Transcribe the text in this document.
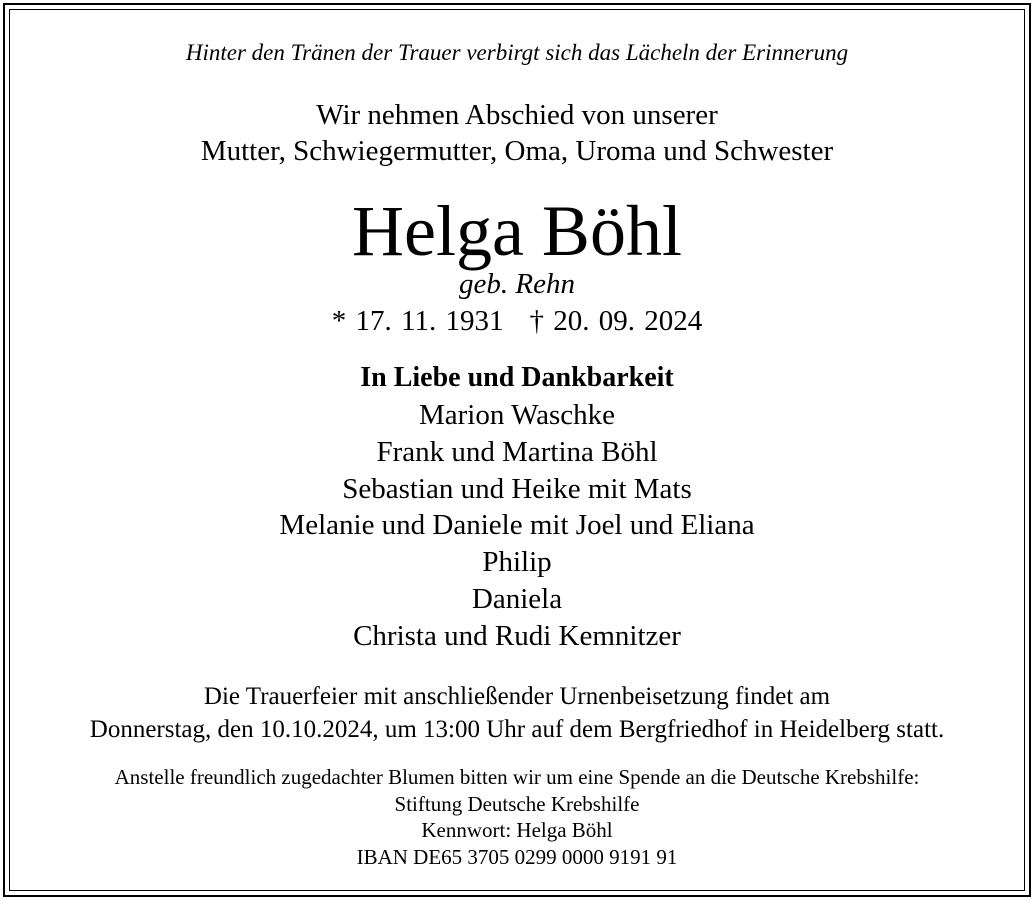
Hinter den Tränen der Trauer verbirgt sich das Lächeln der Erinnerung
Wir nehmen Abschied von unserer
Mutter, Schwiegermutter, Oma, Uroma und Schwester
Helga Böhl
geb. Rehn
* 17. 11. 1931 † 20. 09. 2024
In Liebe und Dankbarkeit
Marion Waschke
Frank und Martina Böhl
Sebastian und Heike mit Mats
Melanie und Daniele mit Joel und Eliana
Philip
Daniela
Christa und Rudi Kemnitzer
Die Trauerfeier mit anschließender Urnenbeisetzung findet am
Donnerstag, den 10.10.2024, um 13:00 Uhr auf dem Bergfriedhof in Heidelberg statt.
Anstelle freundlich zugedachter Blumen bitten wir um eine Spende an die Deutsche Krebshilfe:
Stiftung Deutsche Krebshilfe
Kennwort: Helga Böhl
IBAN DE65 3705 0299 0000 9191 91
